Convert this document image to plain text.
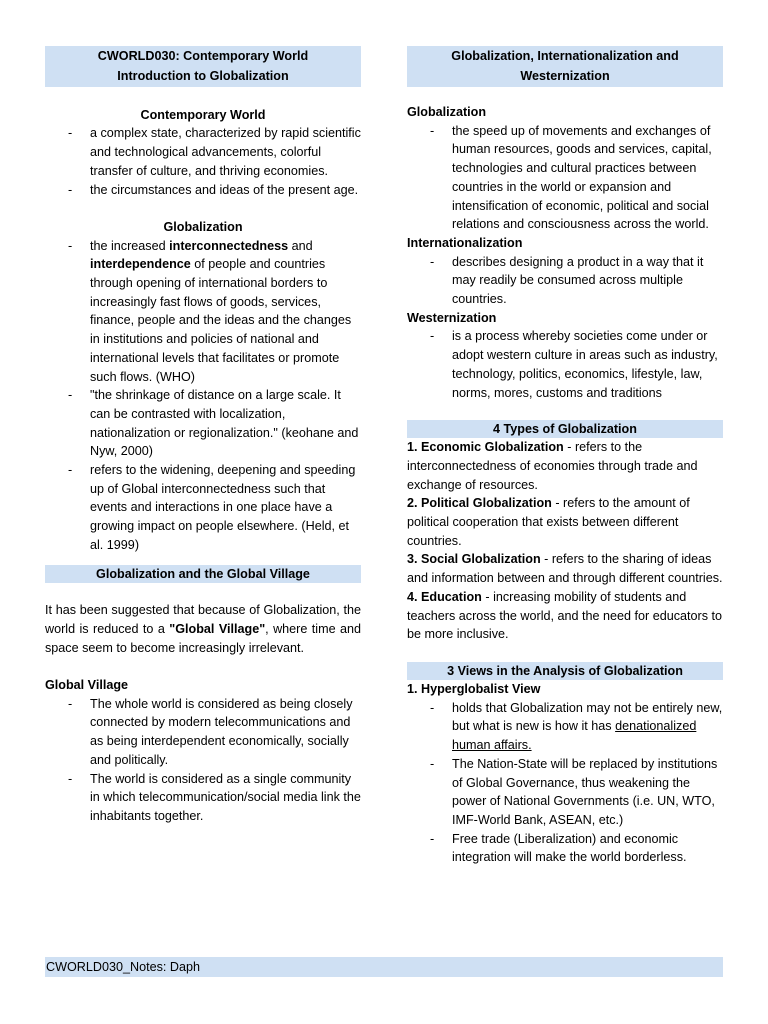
CWORLD030: Contemporary World
Introduction to Globalization
Contemporary World
- a complex state, characterized by rapid scientific and technological advancements, colorful transfer of culture, and thriving economies.
- the circumstances and ideas of the present age.
Globalization
- the increased interconnectedness and interdependence of people and countries through opening of international borders to increasingly fast flows of goods, services, finance, people and the ideas and the changes in institutions and policies of national and international levels that facilitates or promote such flows. (WHO)
- "the shrinkage of distance on a large scale. It can be contrasted with localization, nationalization or regionalization." (keohane and Nyw, 2000)
- refers to the widening, deepening and speeding up of Global interconnectedness such that events and interactions in one place have a growing impact on people elsewhere. (Held, et al. 1999)
Globalization and the Global Village
It has been suggested that because of Globalization, the world is reduced to a "Global Village", where time and space seem to become increasingly irrelevant.
Global Village
- The whole world is considered as being closely connected by modern telecommunications and as being interdependent economically, socially and politically.
- The world is considered as a single community in which telecommunication/social media link the inhabitants together.
Globalization, Internationalization and Westernization
Globalization
- the speed up of movements and exchanges of human resources, goods and services, capital, technologies and cultural practices between countries in the world or expansion and intensification of economic, political and social relations and consciousness across the world.
Internationalization
- describes designing a product in a way that it may readily be consumed across multiple countries.
Westernization
- is a process whereby societies come under or adopt western culture in areas such as industry, technology, politics, economics, lifestyle, law, norms, mores, customs and traditions
4 Types of Globalization

1. Economic Globalization - refers to the interconnectedness of economies through trade and exchange of resources.

2. Political Globalization - refers to the amount of political cooperation that exists between different countries.

3. Social Globalization - refers to the sharing of ideas and information between and through different countries.

4. Education - increasing mobility of students and teachers across the world, and the need for educators to be more inclusive.

3 Views in the Analysis of Globalization
1. Hyperglobalist View
- holds that Globalization may not be entirely new, but what is new is how it has denationalized human affairs.
- The Nation-State will be replaced by institutions of Global Governance, thus weakening the power of National Governments (i.e. UN, WTO, IMF-World Bank, ASEAN, etc.)
- Free trade (Liberalization) and economic integration will make the world borderless.
CWORLD030_Notes: Daph
